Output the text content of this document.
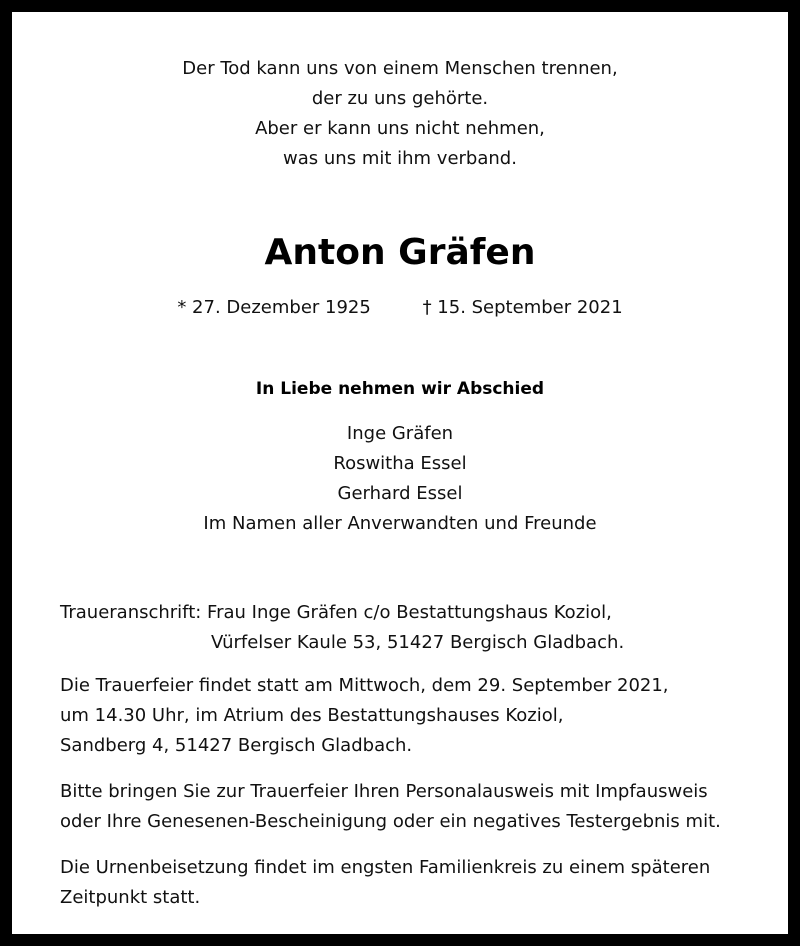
Der Tod kann uns von einem Menschen trennen,
der zu uns gehörte.
Aber er kann uns nicht nehmen,
was uns mit ihm verband.
Anton Gräfen
* 27. Dezember 1925	† 15. September 2021
In Liebe nehmen wir Abschied
Inge Gräfen
Roswitha Essel
Gerhard Essel
Im Namen aller Anverwandten und Freunde
Traueranschrift: Frau Inge Gräfen c/o Bestattungshaus Koziol,
Vürfelser Kaule 53, 51427 Bergisch Gladbach.
Die Trauerfeier findet statt am Mittwoch, dem 29. September 2021,
um 14.30 Uhr, im Atrium des Bestattungshauses Koziol,
Sandberg 4, 51427 Bergisch Gladbach.
Bitte bringen Sie zur Trauerfeier Ihren Personalausweis mit Impfausweis
oder Ihre Genesenen-Bescheinigung oder ein negatives Testergebnis mit.
Die Urnenbeisetzung findet im engsten Familienkreis zu einem späteren
Zeitpunkt statt.
